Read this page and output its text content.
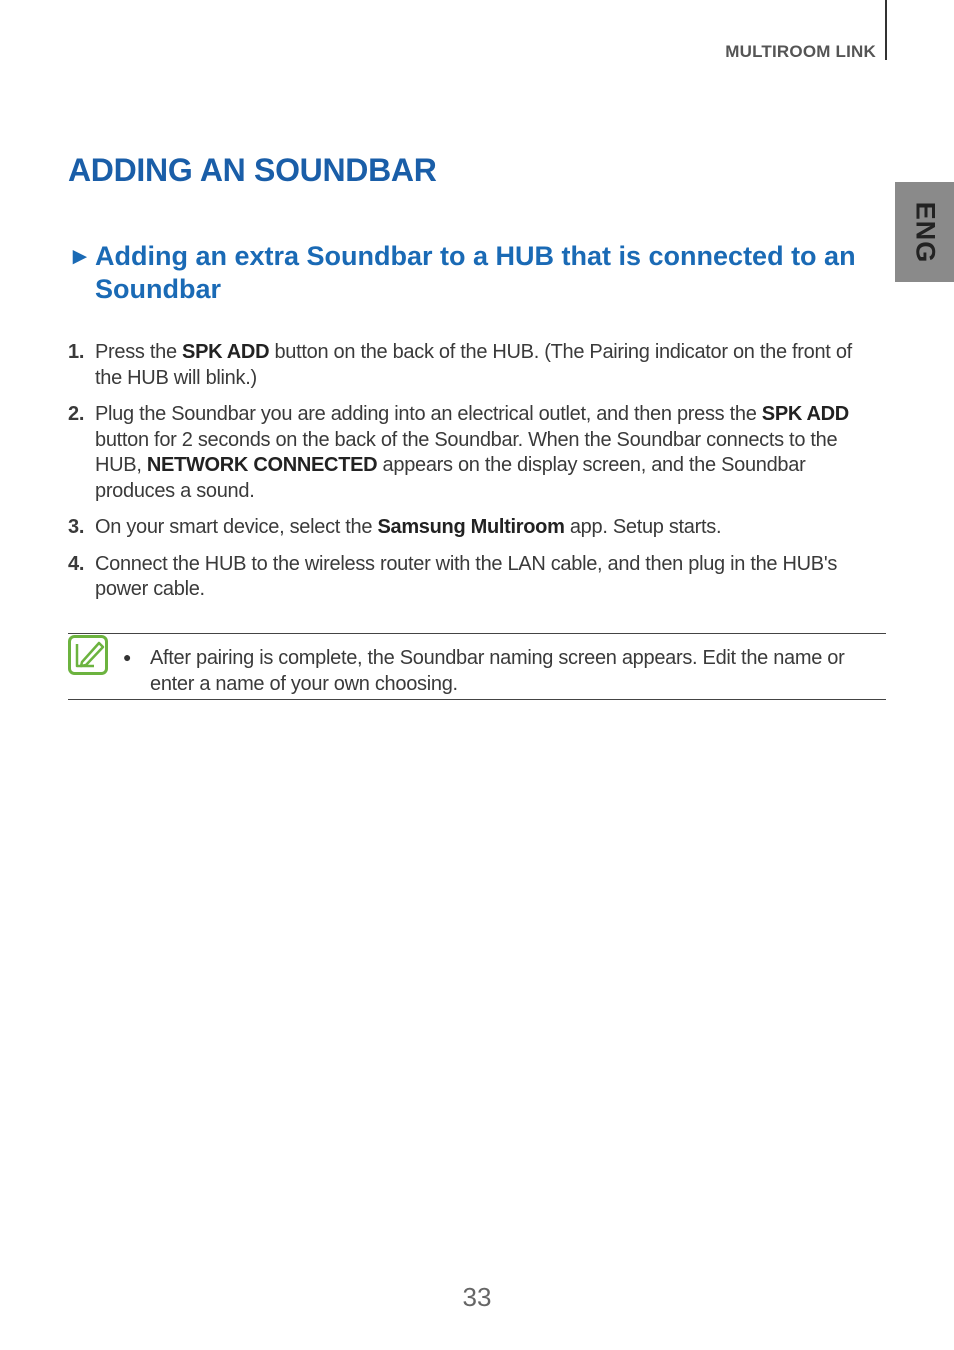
MULTIROOM LINK
ENG
ADDING AN SOUNDBAR
► Adding an extra Soundbar to a HUB that is connected to an Soundbar
1. Press the SPK ADD button on the back of the HUB. (The Pairing indicator on the front of the HUB will blink.)
2. Plug the Soundbar you are adding into an electrical outlet, and then press the SPK ADD button for 2 seconds on the back of the Soundbar. When the Soundbar connects to the HUB, NETWORK CONNECTED appears on the display screen, and the Soundbar produces a sound.
3. On your smart device, select the Samsung Multiroom app. Setup starts.
4. Connect the HUB to the wireless router with the LAN cable, and then plug in the HUB's power cable.
● After pairing is complete, the Soundbar naming screen appears. Edit the name or enter a name of your own choosing.
33
